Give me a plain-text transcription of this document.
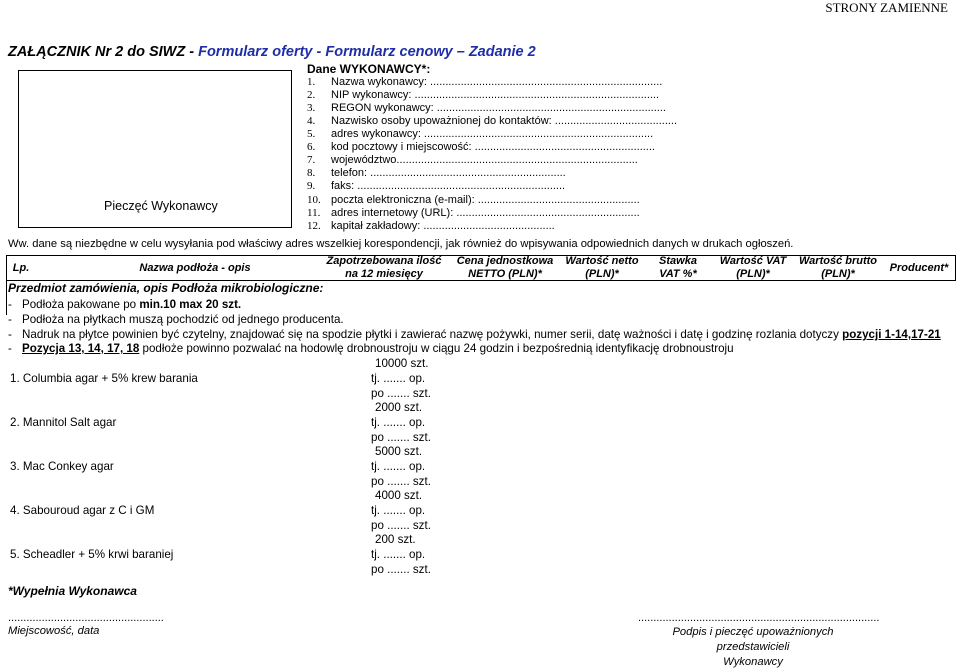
STRONY ZAMIENNE
ZAŁĄCZNIK Nr 2 do SIWZ - Formularz oferty - Formularz cenowy – Zadanie 2
Pieczęć Wykonawcy
Dane WYKONAWCY*:
1. Nazwa wykonawcy: ............................................................................
2. NIP wykonawcy: ................................................................................
3. REGON wykonawcy: ...........................................................................
4. Nazwisko osoby upoważnionej do kontaktów: ........................................
5. adres wykonawcy: ...........................................................................
6. kod pocztowy i miejscowość: ...........................................................
7. województwo...............................................................................
8. telefon: ................................................................
9. faks: ....................................................................
10. poczta elektroniczna (e-mail): .....................................................
11. adres internetowy (URL): ............................................................
12. kapitał zakładowy: ...........................................
Ww. dane są niezbędne w celu wysyłania pod właściwy adres wszelkiej korespondencji, jak również do wpisywania odpowiednich danych w drukach ogłoszeń.
Lp.	Nazwa podłoża - opis
Zapotrzebowana ilość
na 12 miesięcy
Cena jednostkowa
NETTO (PLN)*
Wartość netto
(PLN)*
Stawka
VAT %*
Wartość VAT
(PLN)*
Wartość brutto
(PLN)*	Producent*
Przedmiot zamówienia, opis Podłoża mikrobiologiczne:
- Podłoża pakowane po min.10 max 20 szt.
- Podłoża na płytkach muszą pochodzić od jednego producenta.
- Nadruk na płytce powinien być czytelny, znajdować się na spodzie płytki i zawierać nazwę pożywki, numer serii, datę ważności i datę i godzinę rozlania dotyczy pozycji 1-14,17-21
- Pozycja 13, 14, 17, 18 podłoże powinno pozwalać na hodowlę drobnoustroju w ciągu 24 godzin i bezpośrednią identyfikację drobnoustroju
1. Columbia agar + 5% krew barania
10000 szt.
tj. ....... op.
po ....... szt.
2. Mannitol Salt agar
2000 szt.
tj. ....... op.
po ....... szt.
3. Mac Conkey agar
5000 szt.
tj. ....... op.
po ....... szt.
4. Sabouroud agar z C i GM
4000 szt.
tj. ....... op.
po ....... szt.
5. Scheadler + 5% krwi baraniej
200 szt.
tj. ....... op.
po ....... szt.
*Wypełnia Wykonawca
...................................................
Miejscowość, data
...............................................................................
Podpis i pieczęć upoważnionych przedstawicieli
Wykonawcy
